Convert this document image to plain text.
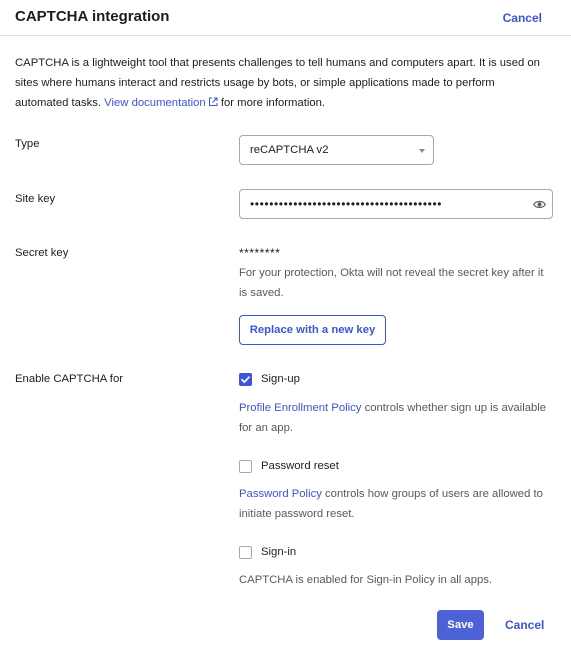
CAPTCHA integration	Cancel
CAPTCHA is a lightweight tool that presents challenges to tell humans and computers apart. It is used on sites where humans interact and restricts usage by bots, or simple applications made to perform automated tasks. View documentation for more information.
Type	reCAPTCHA v2
Site key	••••••••••••••••••••••••••••••••••••••••
Secret key	********
For your protection, Okta will not reveal the secret key after it is saved.
Replace with a new key
Enable CAPTCHA for	Sign-up
Profile Enrollment Policy controls whether sign up is available for an app.
Password reset
Password Policy controls how groups of users are allowed to initiate password reset.
Sign-in
CAPTCHA is enabled for Sign-in Policy in all apps.
Save	Cancel
